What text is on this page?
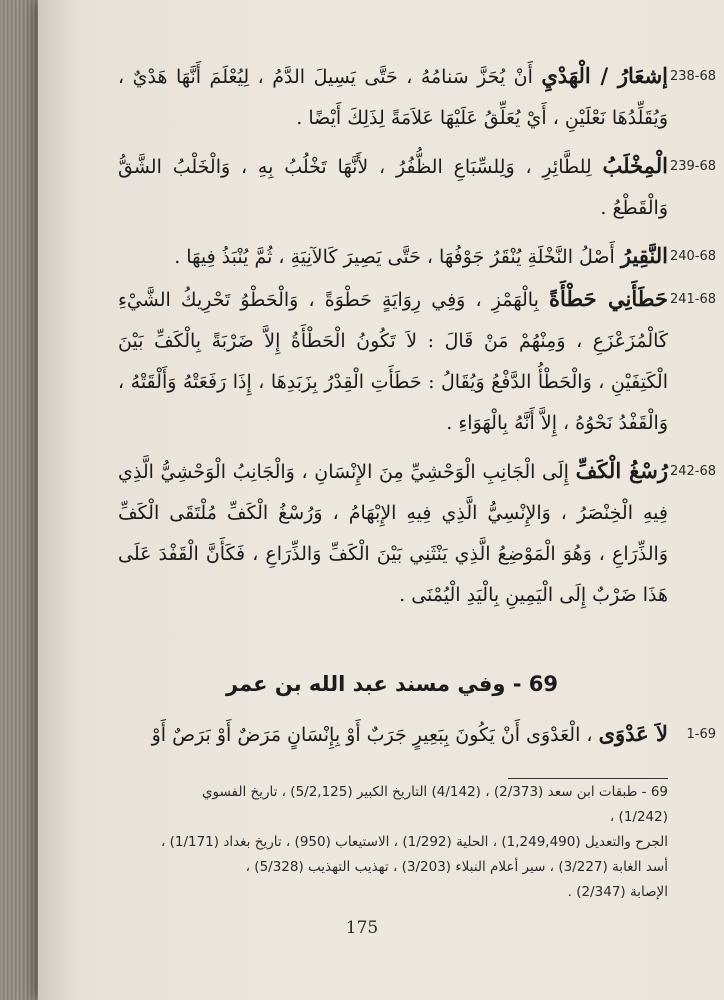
238-68

إشعَارُ / الْهَدْيِ أَنْ يُحَزَّ سَنامُهُ ، حَتَّى يَسِيلَ الدَّمُ ، لِيُعْلَمَ أَنَّهَا هَدْيٌ ، وَيُقَلِّدُهَا نَعْلَيْنِ ، أَيْ يُعَلِّقُ عَلَيْهَا عَلاَمَةً لِذَلِكَ أَيْضًا .

239-68

الْمِخْلَبُ لِلطَّائِرِ ، وَلِلسِّبَاعِ الظُّفُرُ ، لأَنَّهَا تَخْلُبُ بِهِ ، وَالْخَلْبُ الشَّقُّ وَالْقَطْعُ .

240-68

النَّقِيرُ أَصْلُ النَّخْلَةِ يُنْقَرُ جَوْفُهَا ، حَتَّى يَصِيرَ كَالآنِيَةِ ، ثُمَّ يُنْبَذُ فِيهَا .

241-68

حَطَأَنِي حَطْأَةً بِالْهَمْزِ ، وَفِي رِوَايَةٍ حَطْوَةً ، وَالْحَطْوُ تَحْرِيكُ الشَّيْءِ كَالْمُزَعْزَعِ ، وَمِنْهُمْ مَنْ قَالَ : لاَ تَكُونُ الْحَطْأَةُ إِلاَّ ضَرْبَةً بِالْكَفِّ بَيْنَ الْكَتِفَيْنِ ، وَالْحَطْأُ الدَّفْعُ وَيُقَالُ : حَطَأَتِ الْقِدْرُ بِزَبَدِهَا ، إِذَا رَفَعَتْهُ وَأَلْقَتْهُ ، وَالْقَفْدُ نَحْوُهُ ، إِلاَّ أَنَّهُ بِالْهَوَاءِ .

242-68

رُسْغُ الْكَفِّ إِلَى الْجَانِبِ الْوَحْشِيِّ مِنَ الإِنْسَانِ ، وَالْجَانِبُ الْوَحْشِيُّ الَّذِي فِيهِ الْخِنْصَرُ ، وَالإِنْسِيُّ الَّذِي فِيهِ الإِبْهَامُ ، وَرُسْغُ الْكَفِّ مُلْتَقَى الْكَفِّ وَالذِّرَاعِ ، وَهُوَ الْمَوْضِعُ الَّذِي يَنْثَنِي بَيْنَ الْكَفِّ وَالذِّرَاعِ ، فَكَأَنَّ الْقَفْدَ عَلَى هَذَا ضَرْبٌ إِلَى الْيَمِينِ بِالْيَدِ الْيُمْنَى .

69 - وفي مسند عبد الله بن عمر
1-69

لاَ عَدْوَى ، الْعَدْوَى أَنْ يَكُونَ بِبَعِيرٍ جَرَبٌ أَوْ بِإِنْسَانٍ مَرَضٌ أَوْ بَرَصٌ أَوْ

69 - طبقات ابن سعد (2/373) ، (4/142) التاريخ الكبير (5/2,125) ، تاريخ الفسوي (1/242) ،

الجرح والتعديل (1,249,490) ، الحلية (1/292) ، الاستيعاب (950) ، تاريخ بغداد (1/171) ،

أسد الغابة (3/227) ، سير أعلام النبلاء (3/203) ، تهذيب التهذيب (5/328) ،

الإصابة (2/347) .

175
